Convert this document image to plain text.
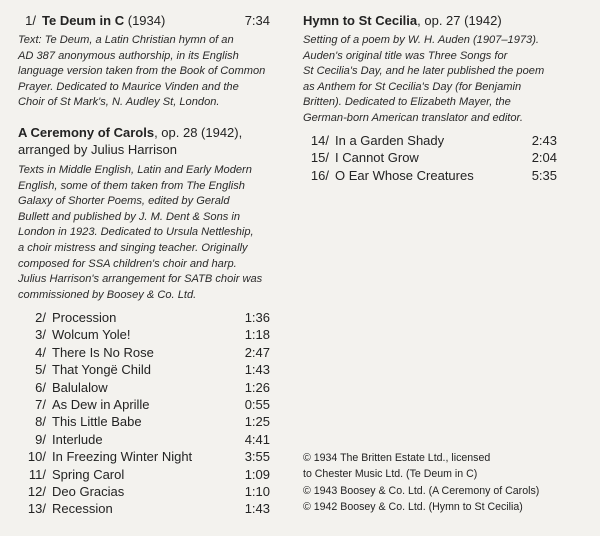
1/ Te Deum in C (1934)	7:34
Text: Te Deum, a Latin Christian hymn of an
AD 387 anonymous authorship, in its English
language version taken from the Book of Common
Prayer. Dedicated to Maurice Vinden and the
Choir of St Mark's, N. Audley St, London.
A Ceremony of Carols, op. 28 (1942),
arranged by Julius Harrison
Texts in Middle English, Latin and Early Modern
English, some of them taken from The English
Galaxy of Shorter Poems, edited by Gerald
Bullett and published by J. M. Dent & Sons in
London in 1923. Dedicated to Ursula Nettleship,
a choir mistress and singing teacher. Originally
composed for SSA children's choir and harp.
Julius Harrison's arrangement for SATB choir was
commissioned by Boosey & Co. Ltd.
2/ Procession	1:36
3/ Wolcum Yole!	1:18
4/ There Is No Rose	2:47
5/ That Yongë Child	1:43
6/ Balulalow	1:26
7/ As Dew in Aprille	0:55
8/ This Little Babe	1:25
9/ Interlude	4:41
10/ In Freezing Winter Night	3:55
11/ Spring Carol	1:09
12/ Deo Gracias	1:10
13/ Recession	1:43
Hymn to St Cecilia, op. 27 (1942)
Setting of a poem by W. H. Auden (1907–1973).
Auden's original title was Three Songs for
St Cecilia's Day, and he later published the poem
as Anthem for St Cecilia's Day (for Benjamin
Britten). Dedicated to Elizabeth Mayer, the
German-born American translator and editor.
14/ In a Garden Shady	2:43
15/ I Cannot Grow	2:04
16/ O Ear Whose Creatures	5:35
© 1934 The Britten Estate Ltd., licensed
to Chester Music Ltd. (Te Deum in C)
© 1943 Boosey & Co. Ltd. (A Ceremony of Carols)
© 1942 Boosey & Co. Ltd. (Hymn to St Cecilia)
